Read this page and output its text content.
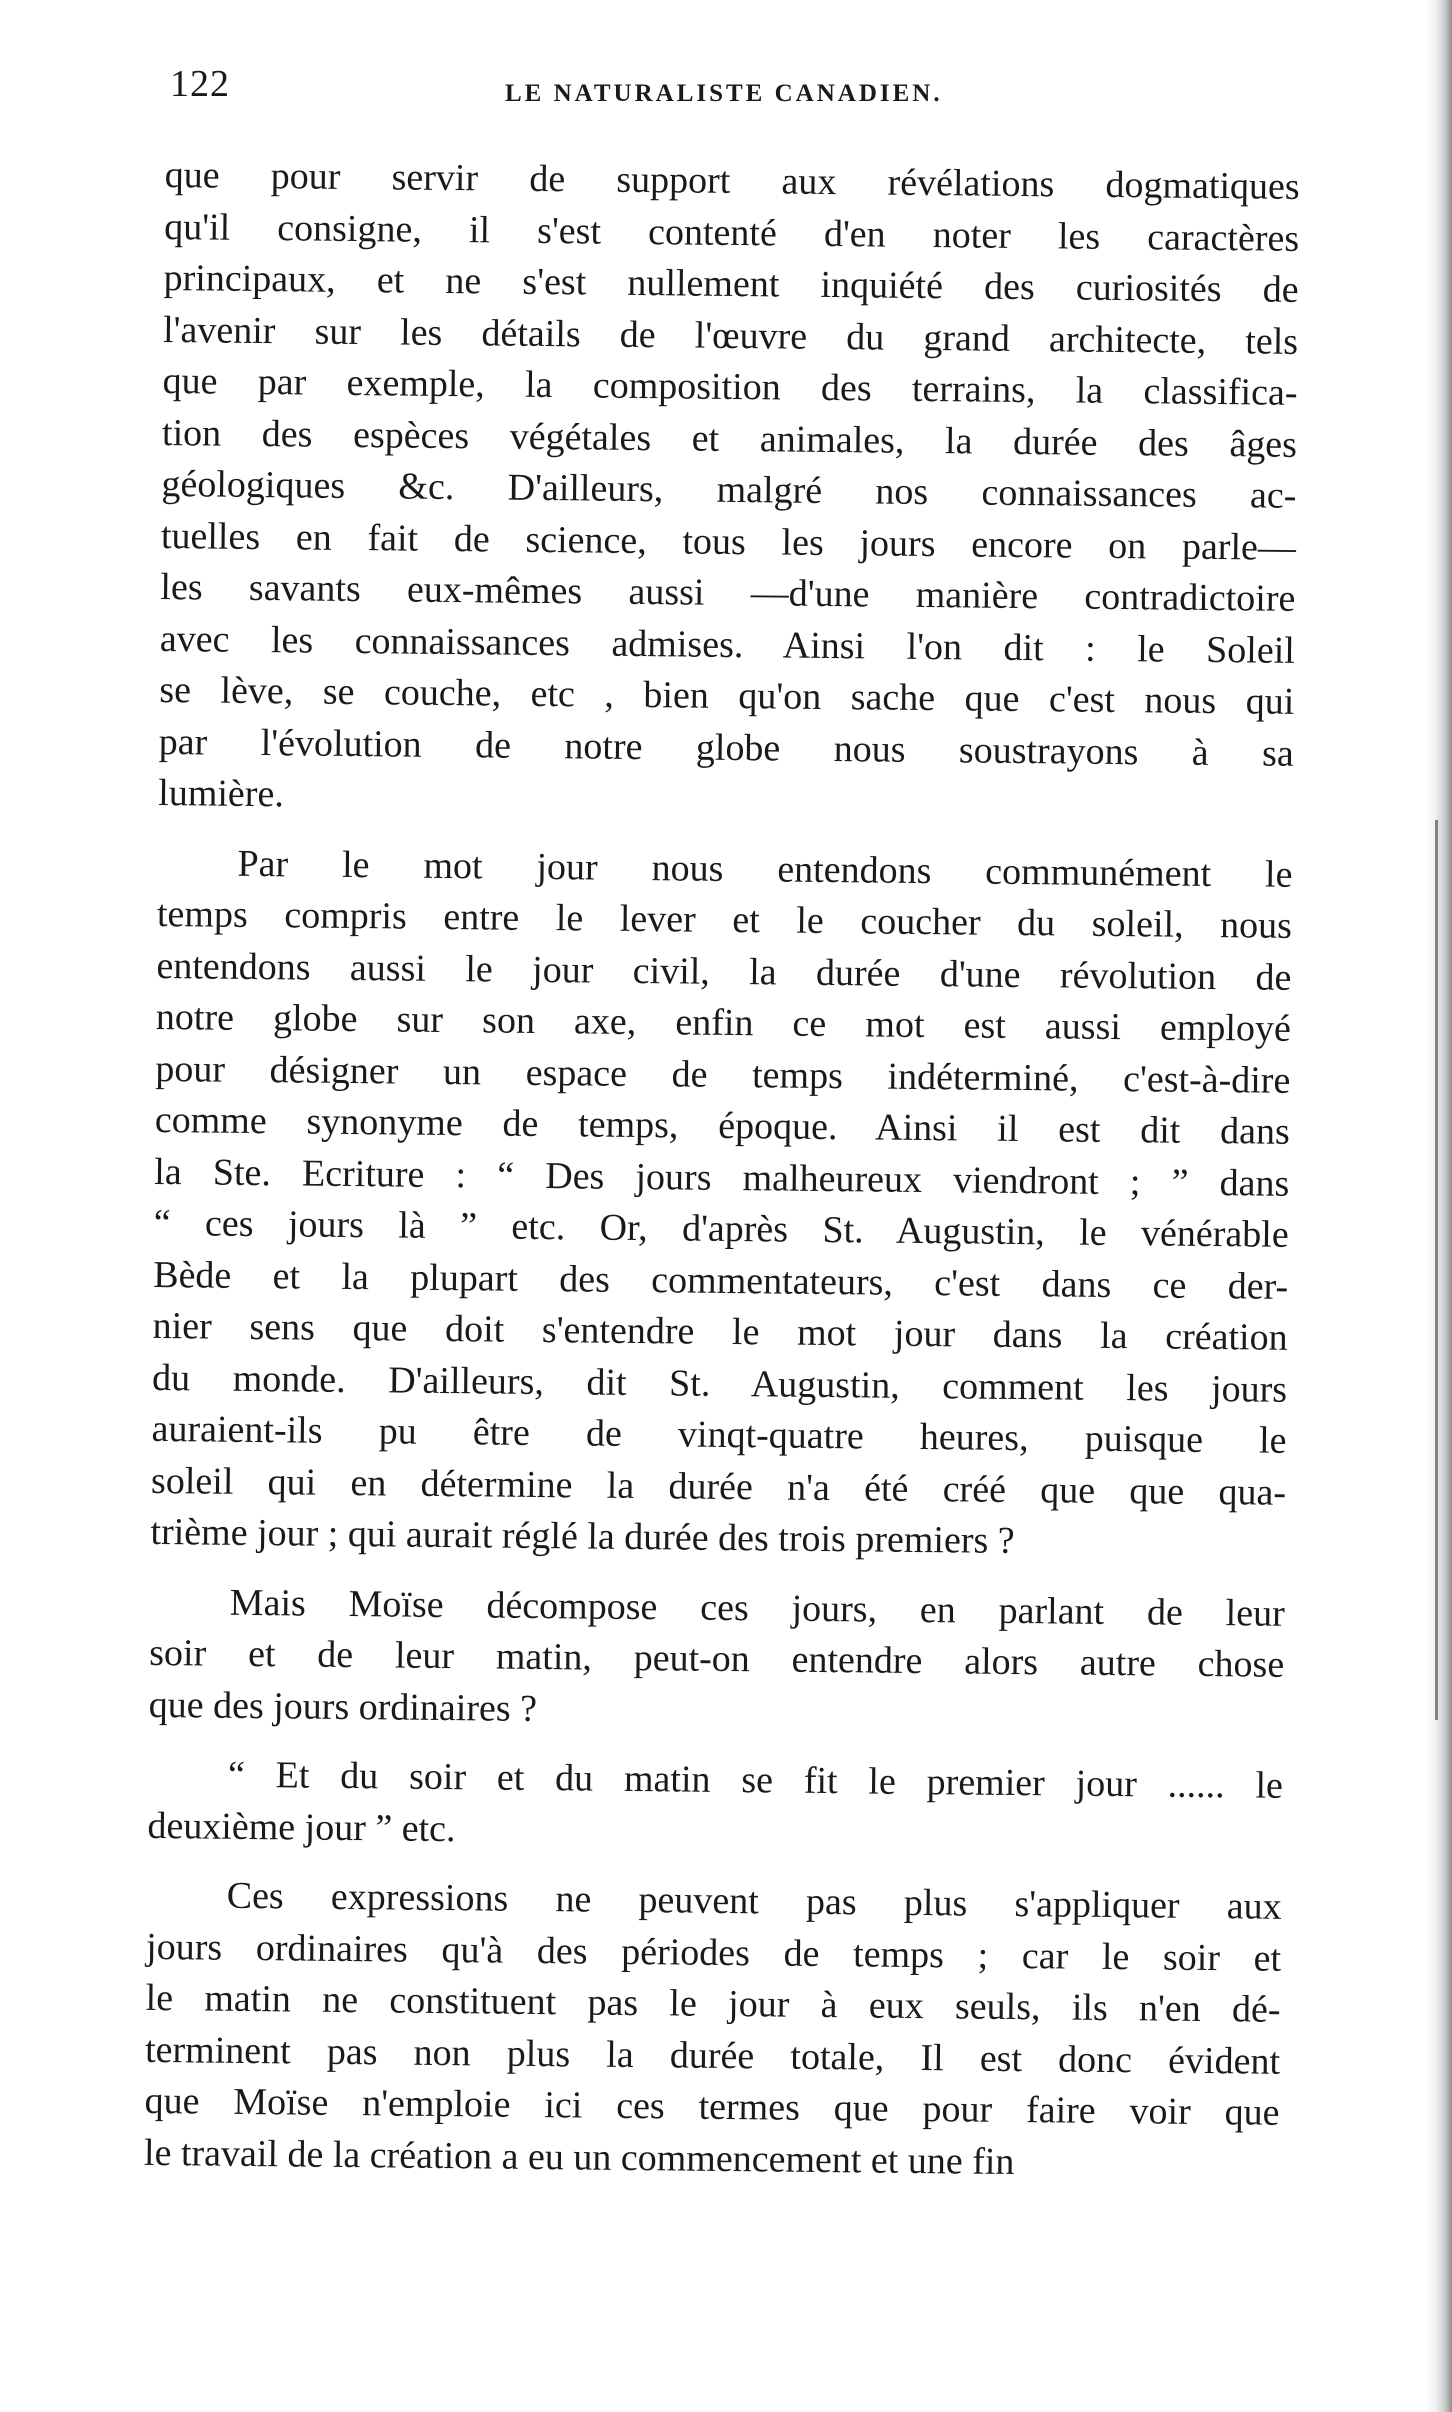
122	LE NATURALISTE CANADIEN.

que pour servir de support aux révélations dogmatiques
qu'il consigne, il s'est contenté d'en noter les caractères
principaux, et ne s'est nullement inquiété des curiosités de
l'avenir sur les détails de l'œuvre du grand architecte, tels
que par exemple, la composition des terrains, la classifica-
tion des espèces végétales et animales, la durée des âges
géologiques &c. D'ailleurs, malgré nos connaissances ac-
tuelles en fait de science, tous les jours encore on parle—
les savants eux-mêmes aussi —d'une manière contradictoire
avec les connaissances admises. Ainsi l'on dit : le Soleil
se lève, se couche, etc , bien qu'on sache que c'est nous qui
par l'évolution de notre globe nous soustrayons à sa
lumière.

Par le mot jour nous entendons communément le
temps compris entre le lever et le coucher du soleil, nous
entendons aussi le jour civil, la durée d'une révolution de
notre globe sur son axe, enfin ce mot est aussi employé
pour désigner un espace de temps indéterminé, c'est-à-dire
comme synonyme de temps, époque. Ainsi il est dit dans
la Ste. Ecriture : “ Des jours malheureux viendront ; ” dans
“ ces jours là ” etc. Or, d'après St. Augustin, le vénérable
Bède et la plupart des commentateurs, c'est dans ce der-
nier sens que doit s'entendre le mot jour dans la création
du monde. D'ailleurs, dit St. Augustin, comment les jours
auraient-ils pu être de vinqt-quatre heures, puisque le
soleil qui en détermine la durée n'a été créé que que qua-
trième jour ; qui aurait réglé la durée des trois premiers ?

Mais Moïse décompose ces jours, en parlant de leur
soir et de leur matin, peut-on entendre alors autre chose
que des jours ordinaires ?

“ Et du soir et du matin se fit le premier jour ...... le
deuxième jour ” etc.

Ces expressions ne peuvent pas plus s'appliquer aux
jours ordinaires qu'à des périodes de temps ; car le soir et
le matin ne constituent pas le jour à eux seuls, ils n'en dé-
terminent pas non plus la durée totale, Il est donc évident
que Moïse n'emploie ici ces termes que pour faire voir que
le travail de la création a eu un commencement et une fin
